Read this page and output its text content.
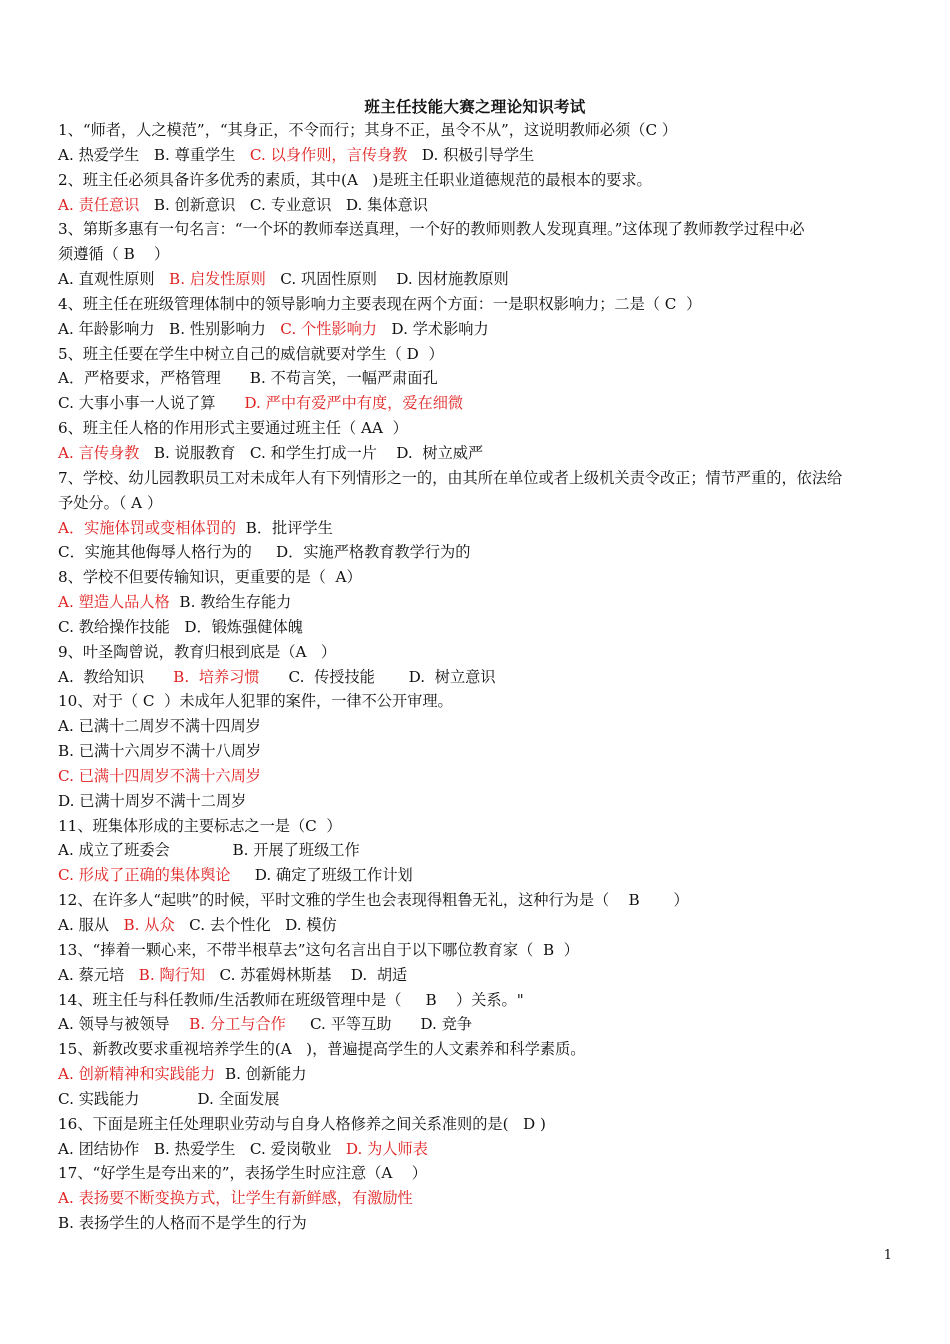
班主任技能大赛之理论知识考试
1、“师者，人之模范”，“其身正，不令而行；其身不正，虽令不从”，这说明教师必须（C ）
A. 热爱学生   B. 尊重学生   C. 以身作则，言传身教   D. 积极引导学生
2、班主任必须具备许多优秀的素质，其中(A   )是班主任职业道德规范的最根本的要求。
A. 责任意识   B. 创新意识   C. 专业意识   D. 集体意识
3、第斯多惠有一句名言：“一个坏的教师奉送真理，一个好的教师则教人发现真理。”这体现了教师教学过程中必
须遵循（ B    ）
A. 直观性原则   B. 启发性原则   C. 巩固性原则    D. 因材施教原则
4、班主任在班级管理体制中的领导影响力主要表现在两个方面：一是职权影响力；二是（ C  ）
A. 年龄影响力   B. 性别影响力   C. 个性影响力   D. 学术影响力
5、班主任要在学生中树立自己的威信就要对学生（ D  ）
A．严格要求，严格管理      B. 不苟言笑，一幅严肃面孔
C. 大事小事一人说了算      D. 严中有爱严中有度，爱在细微
6、班主任人格的作用形式主要通过班主任（ AA  ）
A. 言传身教   B. 说服教育   C. 和学生打成一片    D.  树立威严
7、学校、幼儿园教职员工对未成年人有下列情形之一的，由其所在单位或者上级机关责令改正；情节严重的，依法给
予处分。（ A ）
A．实施体罚或变相体罚的  B．批评学生
C．实施其他侮辱人格行为的     D．实施严格教育教学行为的
8、学校不但要传输知识，更重要的是（  A）
A. 塑造人品人格  B. 教给生存能力
C. 教给操作技能   D．锻炼强健体魄
9、叶圣陶曾说，教育归根到底是（A   ）
A.  教给知识      B.  培养习惯      C.  传授技能       D.  树立意识
10、对于（ C  ）未成年人犯罪的案件，一律不公开审理。
A. 已满十二周岁不满十四周岁
B. 已满十六周岁不满十八周岁
C. 已满十四周岁不满十六周岁
D. 已满十周岁不满十二周岁
11、班集体形成的主要标志之一是（C  ）
A. 成立了班委会             B. 开展了班级工作
C. 形成了正确的集体舆论     D. 确定了班级工作计划
12、在许多人“起哄”的时候，平时文雅的学生也会表现得粗鲁无礼，这种行为是（    B       ）
A. 服从   B. 从众   C. 去个性化   D. 模仿
13、“捧着一颗心来，不带半根草去”这句名言出自于以下哪位教育家（  B  ）
A. 蔡元培   B. 陶行知   C. 苏霍姆林斯基    D.  胡适
14、班主任与科任教师/生活教师在班级管理中是（     B    ）关系。"
A. 领导与被领导    B. 分工与合作     C. 平等互助      D. 竞争
15、新教改要求重视培养学生的(A   )，普遍提高学生的人文素养和科学素质。
A. 创新精神和实践能力  B. 创新能力
C. 实践能力            D. 全面发展
16、下面是班主任处理职业劳动与自身人格修养之间关系准则的是(   D )
A. 团结协作   B. 热爱学生   C. 爱岗敬业   D. 为人师表
17、“好学生是夸出来的”，表扬学生时应注意（A    ）
A. 表扬要不断变换方式，让学生有新鲜感，有激励性
B. 表扬学生的人格而不是学生的行为
1
